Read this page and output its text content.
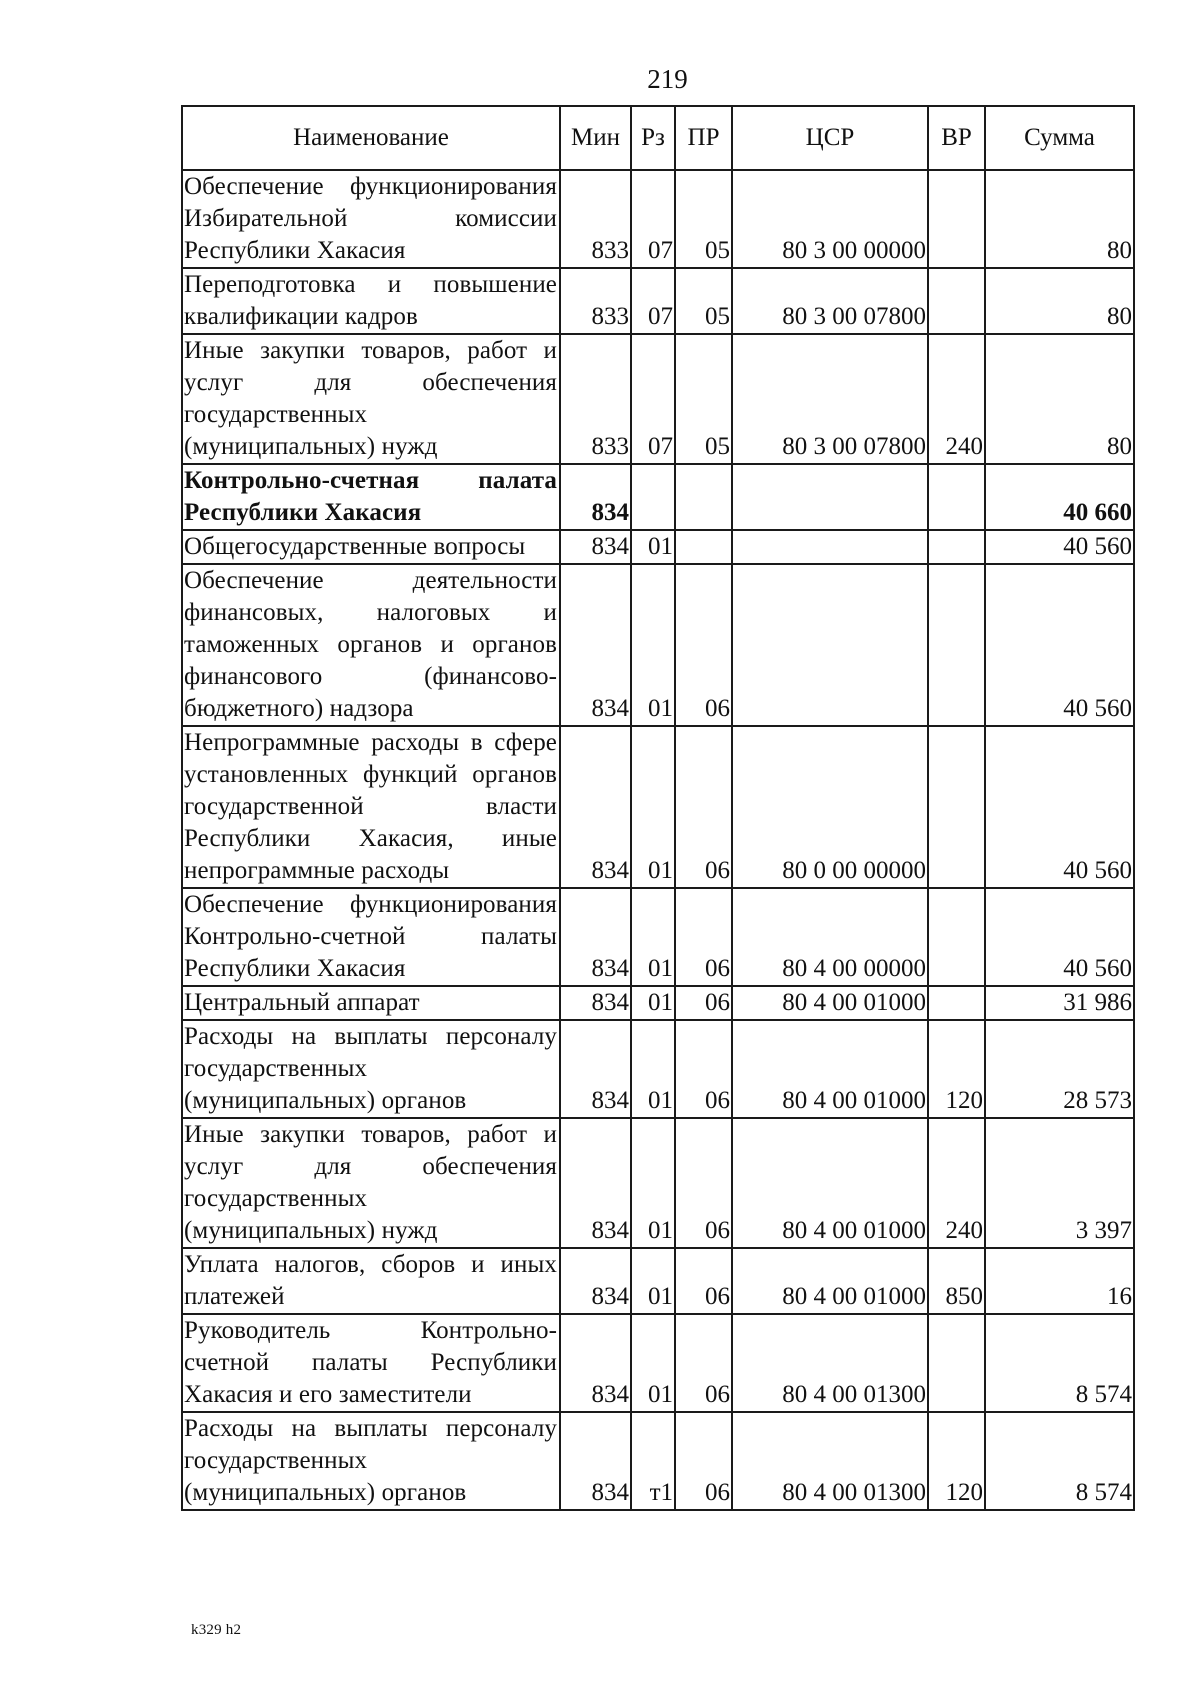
219
Наименование	Мин	Рз	ПР	ЦСР	ВР	Сумма
Обеспечение функционирования Избирательной комиссии Республики Хакасия	833	07	05	80 3 00 00000		80
Переподготовка и повышение квалификации кадров	833	07	05	80 3 00 07800		80
Иные закупки товаров, работ и услуг для обеспечения государственных (муниципальных) нужд	833	07	05	80 3 00 07800	240	80
Контрольно-счетная палата Республики Хакасия	834					40 660
Общегосударственные вопросы	834	01				40 560
Обеспечение деятельности финансовых, налоговых и таможенных органов и органов финансового (финансово-бюджетного) надзора	834	01	06			40 560
Непрограммные расходы в сфере установленных функций органов государственной власти Республики Хакасия, иные непрограммные расходы	834	01	06	80 0 00 00000		40 560
Обеспечение функционирования Контрольно-счетной палаты Республики Хакасия	834	01	06	80 4 00 00000		40 560
Центральный аппарат	834	01	06	80 4 00 01000		31 986
Расходы на выплаты персоналу государственных (муниципальных) органов	834	01	06	80 4 00 01000	120	28 573
Иные закупки товаров, работ и услуг для обеспечения государственных (муниципальных) нужд	834	01	06	80 4 00 01000	240	3 397
Уплата налогов, сборов и иных платежей	834	01	06	80 4 00 01000	850	16
Руководитель Контрольно-счетной палаты Республики Хакасия и его заместители	834	01	06	80 4 00 01300		8 574
Расходы на выплаты персоналу государственных (муниципальных) органов	834	т1	06	80 4 00 01300	120	8 574
k329 h2
